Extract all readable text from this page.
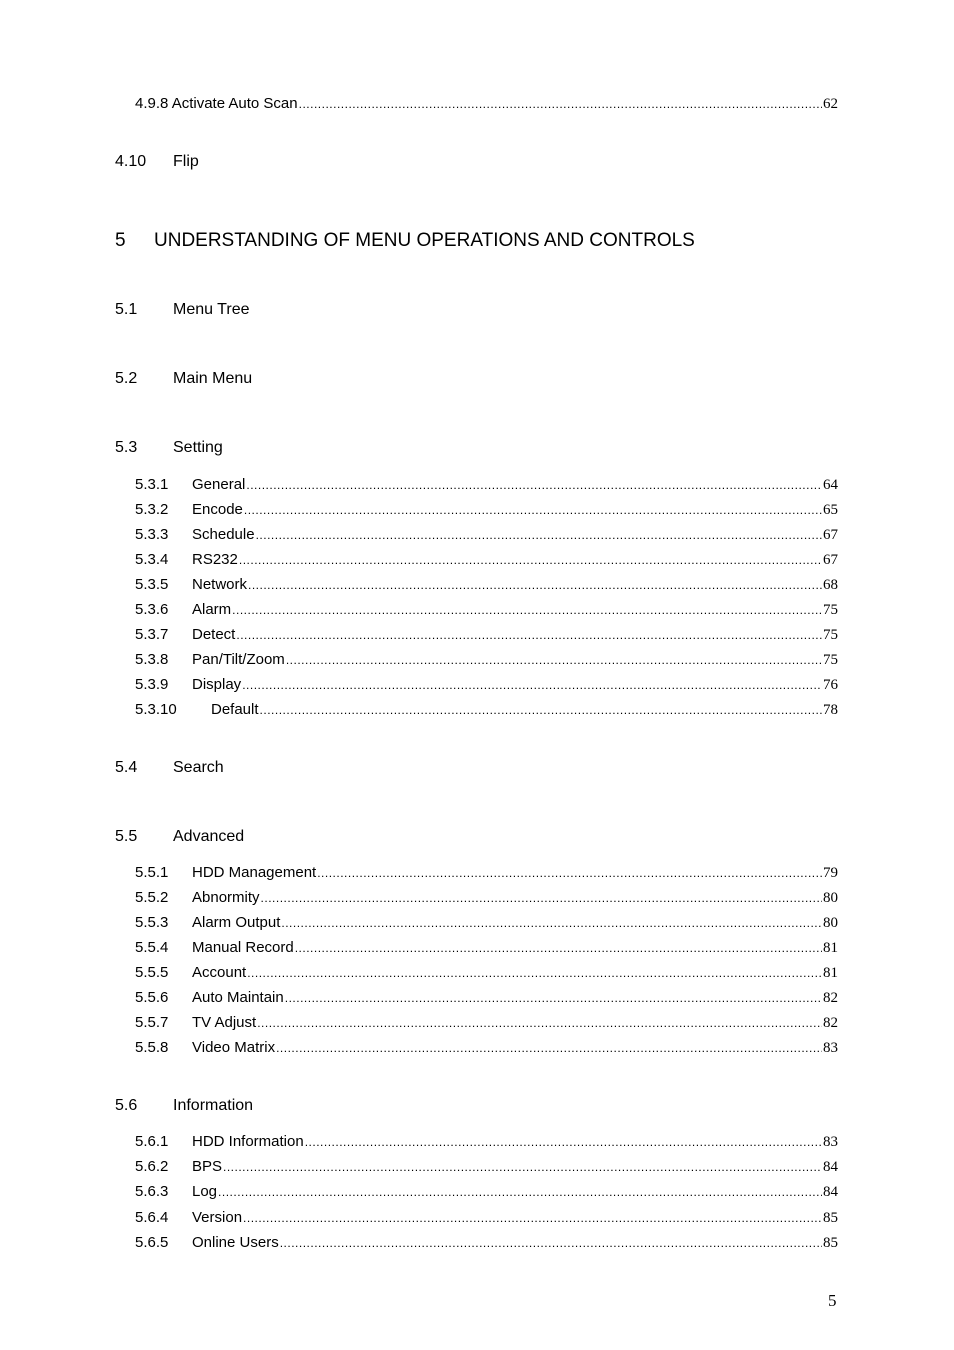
4.9.8 Activate Auto Scan .....	62
4.10 Flip
5 UNDERSTANDING OF MENU OPERATIONS AND CONTROLS
5.1 Menu Tree
5.2 Main Menu
5.3 Setting
5.3.1	General .....	64
5.3.2	Encode .....	65
5.3.3	Schedule .....	67
5.3.4	RS232 .....	67
5.3.5	Network .....	68
5.3.6	Alarm .....	75
5.3.7	Detect .....	75
5.3.8	Pan/Tilt/Zoom .....	75
5.3.9	Display .....	76
5.3.10	Default .....	78
5.4 Search
5.5 Advanced
5.5.1	HDD Management .....	79
5.5.2	Abnormity .....	80
5.5.3	Alarm Output .....	80
5.5.4	Manual Record .....	81
5.5.5	Account .....	81
5.5.6	Auto Maintain .....	82
5.5.7	TV Adjust .....	82
5.5.8	Video Matrix .....	83
5.6 Information
5.6.1	HDD Information .....	83
5.6.2	BPS .....	84
5.6.3	Log .....	84
5.6.4	Version .....	85
5.6.5	Online Users .....	85
5
